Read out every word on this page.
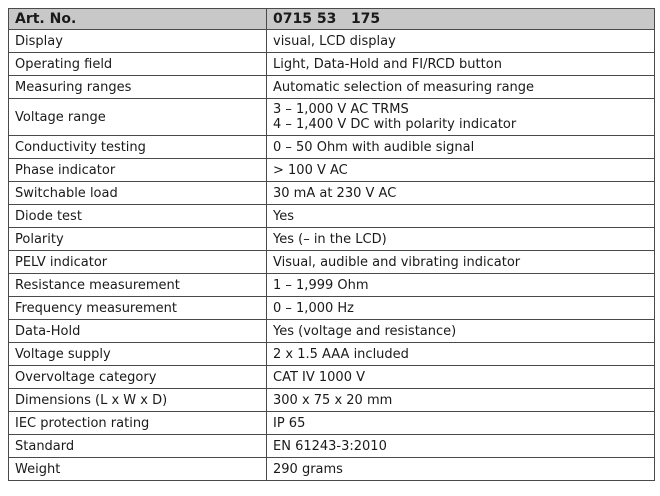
Art. No.	0715 53   175
Display	visual, LCD display

Operating field	Light, Data-Hold and FI/RCD button

Measuring ranges	Automatic selection of measuring range

Voltage range	3 – 1,000 V AC TRMS
4 – 1,400 V DC with polarity indicator

Conductivity testing	0 – 50 Ohm with audible signal

Phase indicator	> 100 V AC

Switchable load	30 mA at 230 V AC

Diode test	Yes

Polarity	Yes (– in the LCD)

PELV indicator	Visual, audible and vibrating indicator

Resistance measurement	1 – 1,999 Ohm

Frequency measurement	0 – 1,000 Hz

Data-Hold	Yes (voltage and resistance)

Voltage supply	2 x 1.5 AAA included

Overvoltage category	CAT IV 1000 V

Dimensions (L x W x D)	300 x 75 x 20 mm

IEC protection rating	IP 65

Standard	EN 61243-3:2010

Weight	290 grams
